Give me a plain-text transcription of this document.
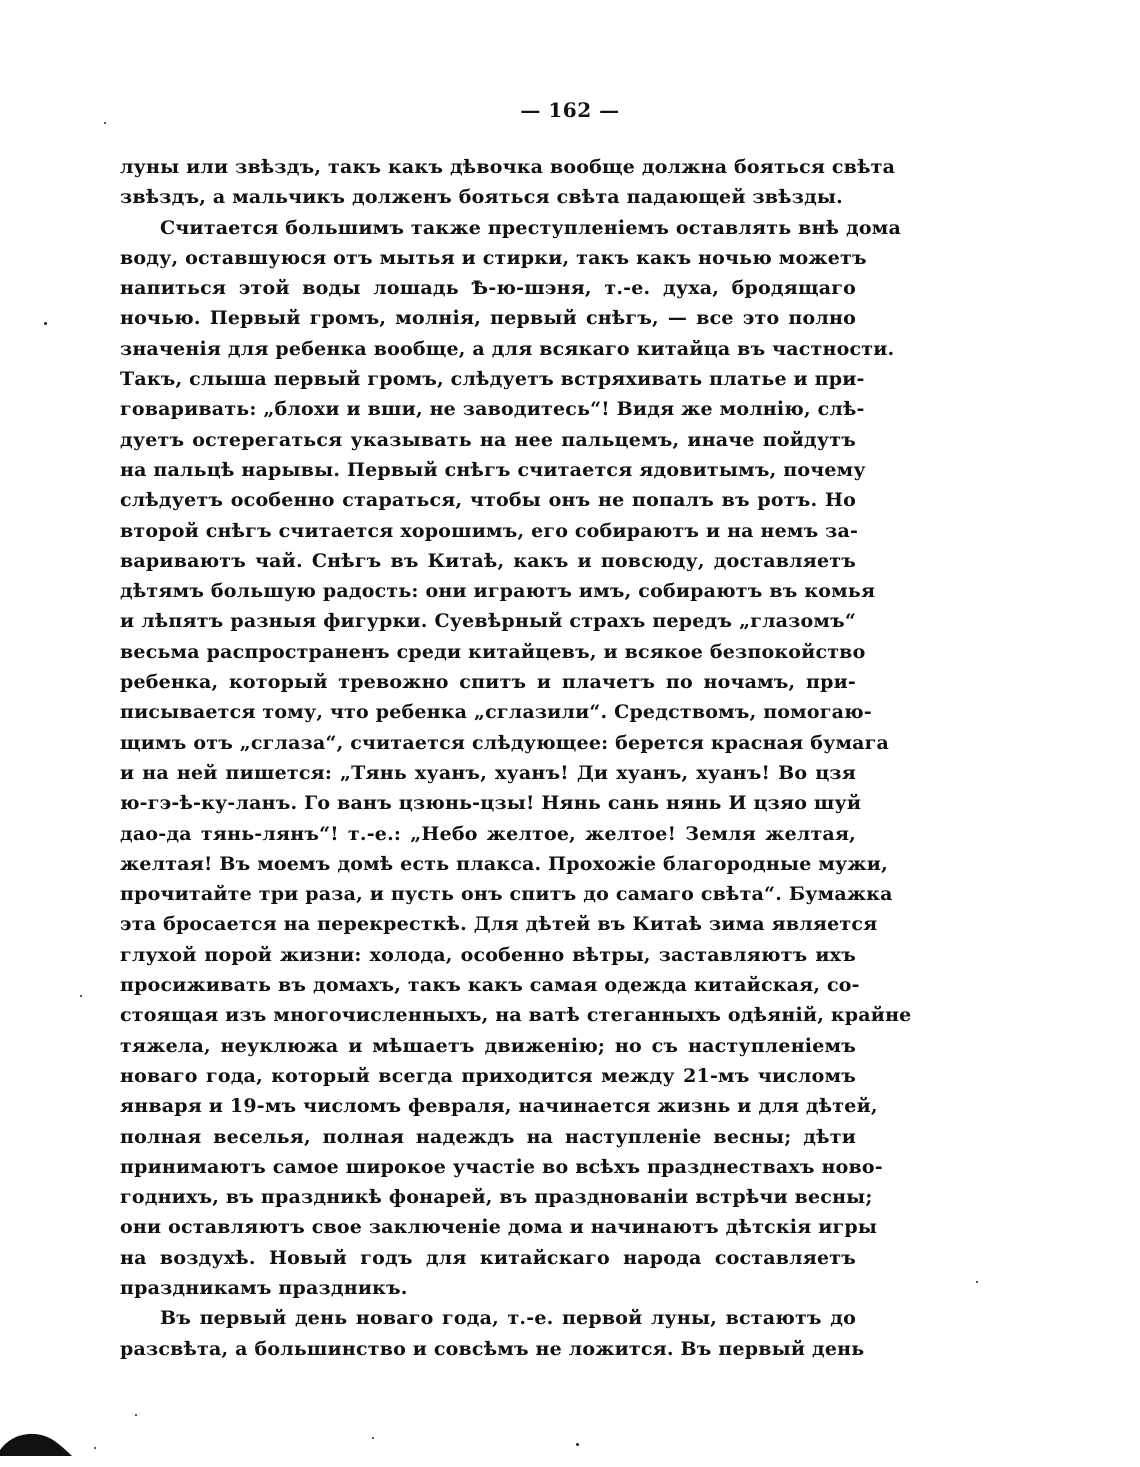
— 162 —
луны или звѣздъ, такъ какъ дѣвочка вообще должна бояться свѣта
звѣздъ, а мальчикъ долженъ бояться свѣта падающей звѣзды.
Считается большимъ также преступленіемъ оставлять внѣ дома
воду, оставшуюся отъ мытья и стирки, такъ какъ ночью можетъ
напиться этой воды лошадь Ѣ-ю-шэня, т.-е. духа, бродящаго
ночью. Первый громъ, молнія, первый снѣгъ, — все это полно
значенія для ребенка вообще, а для всякаго китайца въ частности.
Такъ, слыша первый громъ, слѣдуетъ встряхивать платье и при-
говаривать: „блохи и вши, не заводитесь“! Видя же молнію, слѣ-
дуетъ остерегаться указывать на нее пальцемъ, иначе пойдутъ
на пальцѣ нарывы. Первый снѣгъ считается ядовитымъ, почему
слѣдуетъ особенно стараться, чтобы онъ не попалъ въ ротъ. Но
второй снѣгъ считается хорошимъ, его собираютъ и на немъ за-
вариваютъ чай. Снѣгъ въ Китаѣ, какъ и повсюду, доставляетъ
дѣтямъ большую радость: они играютъ имъ, собираютъ въ комья
и лѣпятъ разныя фигурки. Суевѣрный страхъ передъ „глазомъ“
весьма распространенъ среди китайцевъ, и всякое безпокойство
ребенка, который тревожно спитъ и плачетъ по ночамъ, при-
писывается тому, что ребенка „сглазили“. Средствомъ, помогаю-
щимъ отъ „сглаза“, считается слѣдующее: берется красная бумага
и на ней пишется: „Тянь хуанъ, хуанъ! Ди хуанъ, хуанъ! Во цзя
ю-гэ-ѣ-ку-ланъ. Го ванъ цзюнь-цзы! Нянь сань нянь И цзяо шуй
дао-да тянь-лянъ“! т.-е.: „Небо желтое, желтое! Земля желтая,
желтая! Въ моемъ домѣ есть плакса. Прохожіе благородные мужи,
прочитайте три раза, и пусть онъ спитъ до самаго свѣта“. Бумажка
эта бросается на перекресткѣ. Для дѣтей въ Китаѣ зима является
глухой порой жизни: холода, особенно вѣтры, заставляютъ ихъ
просиживать въ домахъ, такъ какъ самая одежда китайская, со-
стоящая изъ многочисленныхъ, на ватѣ стеганныхъ одѣяній, крайне
тяжела, неуклюжа и мѣшаетъ движенію; но съ наступленіемъ
новаго года, который всегда приходится между 21-мъ числомъ
января и 19-мъ числомъ февраля, начинается жизнь и для дѣтей,
полная веселья, полная надеждъ на наступленіе весны; дѣти
принимаютъ самое широкое участіе во всѣхъ празднествахъ ново-
годнихъ, въ праздникѣ фонарей, въ празднованіи встрѣчи весны;
они оставляютъ свое заключеніе дома и начинаютъ дѣтскія игры
на воздухѣ. Новый годъ для китайскаго народа составляетъ
праздникамъ праздникъ.
Въ первый день новаго года, т.-е. первой луны, встаютъ до
разсвѣта, а большинство и совсѣмъ не ложится. Въ первый день
